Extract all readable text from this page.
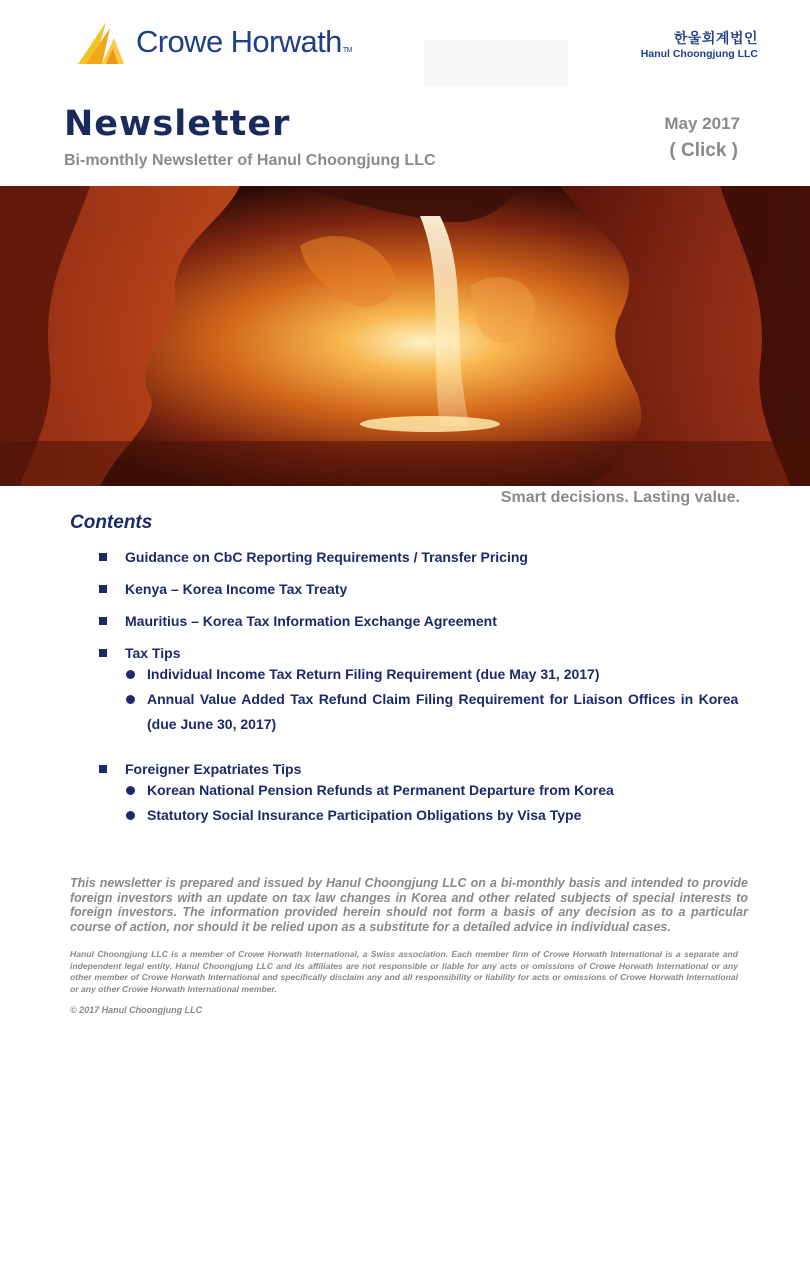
Crowe HorwathTM
한울회계법인
Hanul Choongjung LLC
Newsletter
Bi-monthly Newsletter of Hanul Choongjung LLC
May 2017
( Click )
Smart decisions. Lasting value.
Contents
Guidance on CbC Reporting Requirements / Transfer Pricing
Kenya – Korea Income Tax Treaty
Mauritius – Korea Tax Information Exchange Agreement
Tax Tips
Individual Income Tax Return Filing Requirement (due May 31, 2017)
Annual Value Added Tax Refund Claim Filing Requirement for Liaison Offices in Korea
(due June 30, 2017)
Foreigner Expatriates Tips
Korean National Pension Refunds at Permanent Departure from Korea
Statutory Social Insurance Participation Obligations by Visa Type
This newsletter is prepared and issued by Hanul Choongjung LLC on a bi-monthly basis and intended to provide foreign investors with an update on tax law changes in Korea and other related subjects of special interests to foreign investors. The information provided herein should not form a basis of any decision as to a particular course of action, nor should it be relied upon as a substitute for a detailed advice in individual cases.
Hanul Choongjung LLC is a member of Crowe Horwath International, a Swiss association. Each member firm of Crowe Horwath International is a separate and independent legal entity. Hanul Choongjung LLC and its affiliates are not responsible or liable for any acts or omissions of Crowe Horwath International or any other member of Crowe Horwath International and specifically disclaim any and all responsibility or liability for acts or omissions of Crowe Horwath International or any other Crowe Horwath International member.
© 2017 Hanul Choongjung LLC
